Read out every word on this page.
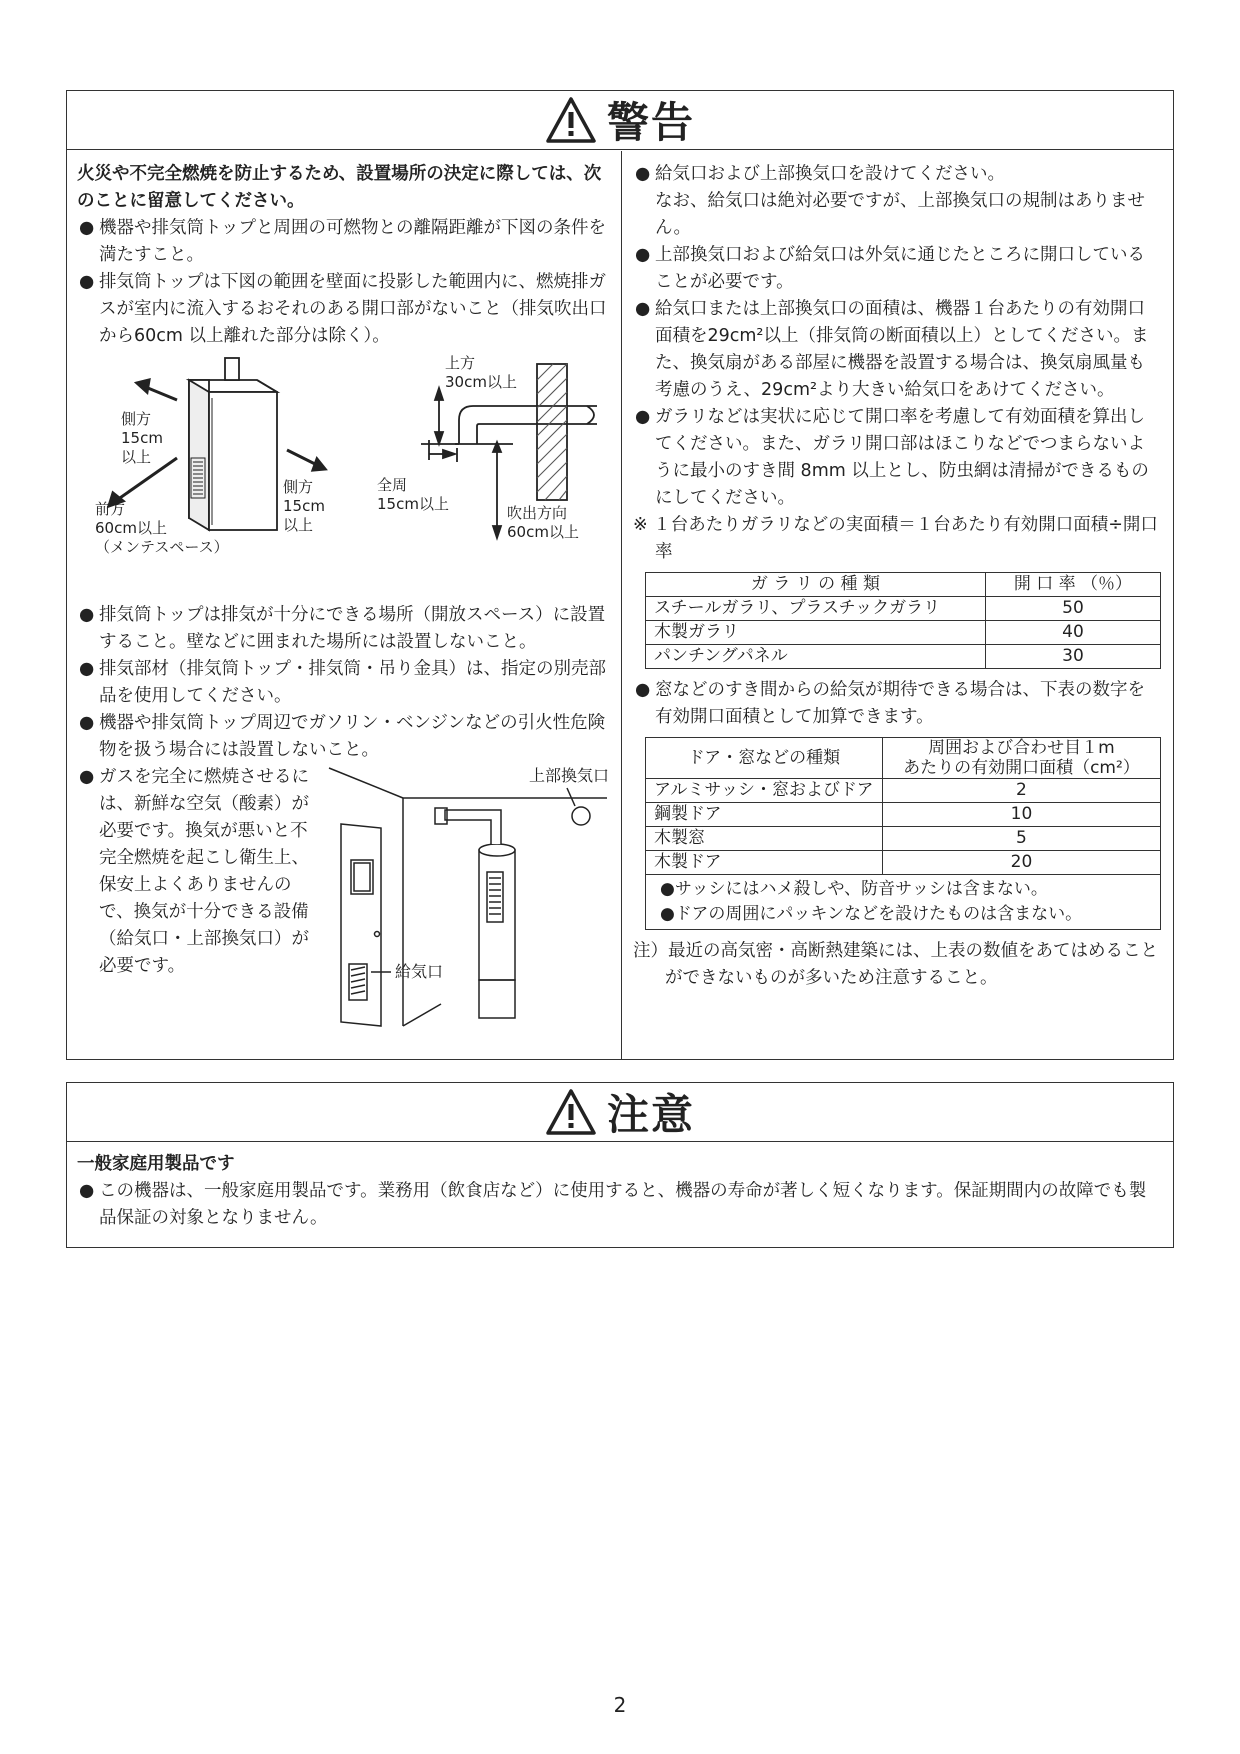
警告

火災や不完全燃焼を防止するため、設置場所の決定に際しては、次のことに留意してください。

● 機器や排気筒トップと周囲の可燃物との離隔距離が下図の条件を満たすこと。
● 排気筒トップは下図の範囲を壁面に投影した範囲内に、燃焼排ガスが室内に流入するおそれのある開口部がないこと（排気吹出口から60cm 以上離れた部分は除く）。
側方
15cm
以上
前方
60cm以上
（メンテスペース）
側方
15cm
以上
上方
30cm以上
全周
15cm以上	吹出方向
60cm以上
● 排気筒トップは排気が十分にできる場所（開放スペース）に設置すること。壁などに囲まれた場所には設置しないこと。
● 排気部材（排気筒トップ・排気筒・吊り金具）は、指定の別売部品を使用してください。
● 機器や排気筒トップ周辺でガソリン・ベンジンなどの引火性危険物を扱う場合には設置しないこと。
● ガスを完全に燃焼させるには、新鮮な空気（酸素）が必要です。換気が悪いと不完全燃焼を起こし衛生上、保安上よくありませんので、換気が十分できる設備（給気口・上部換気口）が必要です。
上部換気口
給気口
● 給気口および上部換気口を設けてください。
なお、給気口は絶対必要ですが、上部換気口の規制はありません。
● 上部換気口および給気口は外気に通じたところに開口していることが必要です。
● 給気口または上部換気口の面積は、機器１台あたりの有効開口面積を29cm²以上（排気筒の断面積以上）としてください。また、換気扇がある部屋に機器を設置する場合は、換気扇風量も考慮のうえ、29cm²より大きい給気口をあけてください。
● ガラリなどは実状に応じて開口率を考慮して有効面積を算出してください。また、ガラリ開口部はほこりなどでつまらないように最小のすき間 8mm 以上とし、防虫網は清掃ができるものにしてください。

※ １台あたりガラリなどの実面積＝１台あたり有効開口面積÷開口率

ガ ラ リ の 種 類	開 口 率 （％）
スチールガラリ、プラスチックガラリ	50
木製ガラリ	40
パンチングパネル	30
● 窓などのすき間からの給気が期待できる場合は、下表の数字を有効開口面積として加算できます。
ドア・窓などの種類	周囲および合わせ目１m
あたりの有効開口面積（cm²）
アルミサッシ・窓およびドア	2
鋼製ドア	10
木製窓	5
木製ドア	20

●サッシにはハメ殺しや、防音サッシは含まない。
●ドアの周囲にパッキンなどを設けたものは含まない。	

注）最近の高気密・高断熱建築には、上表の数値をあてはめることができないものが多いため注意すること。

注意

一般家庭用製品です

● この機器は、一般家庭用製品です。業務用（飲食店など）に使用すると、機器の寿命が著しく短くなります。保証期間内の故障でも製品保証の対象となりません。
2
